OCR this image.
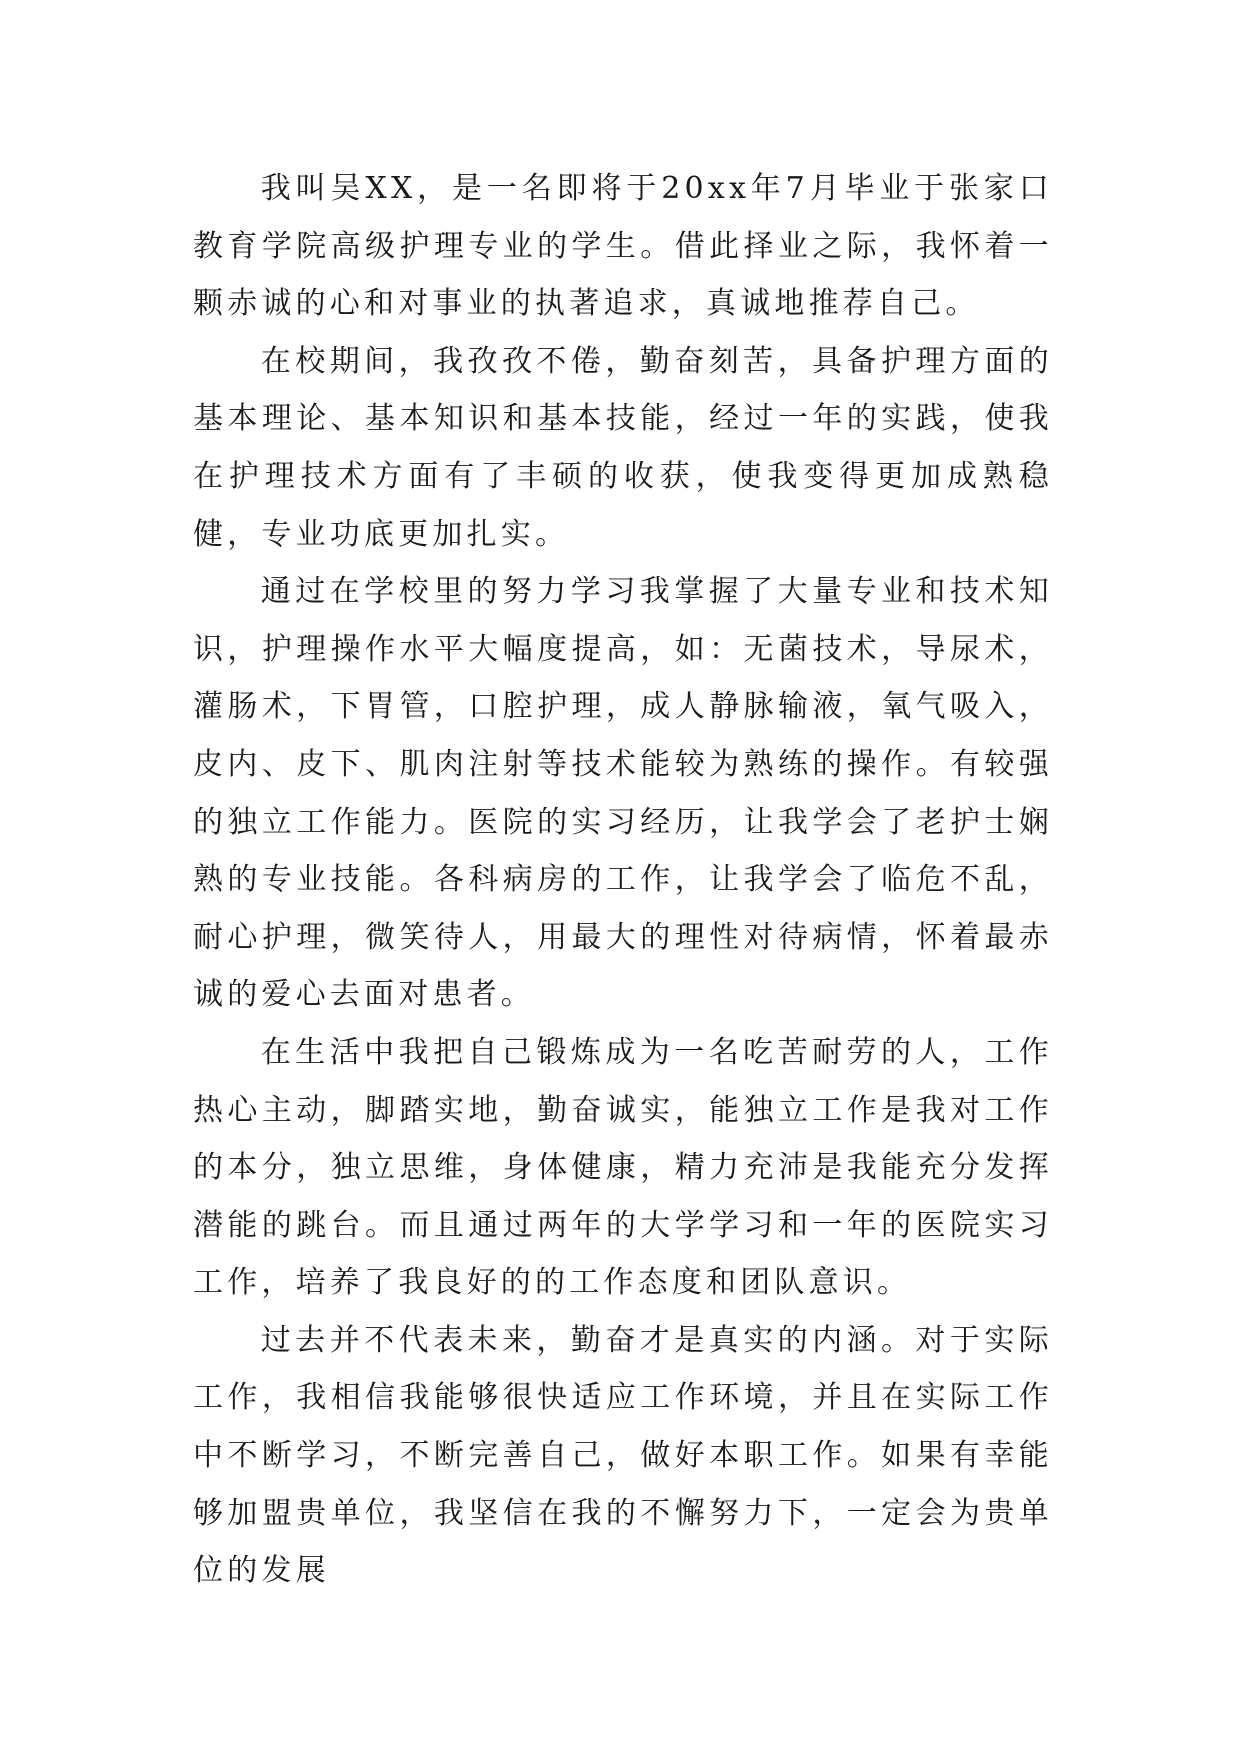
我叫吴XX，是一名即将于20xx年7月毕业于张家口教育学院高级护理专业的学生。借此择业之际，我怀着一颗赤诚的心和对事业的执著追求，真诚地推荐自己。

在校期间，我孜孜不倦，勤奋刻苦，具备护理方面的基本理论、基本知识和基本技能，经过一年的实践，使我在护理技术方面有了丰硕的收获，使我变得更加成熟稳健，专业功底更加扎实。

通过在学校里的努力学习我掌握了大量专业和技术知识，护理操作水平大幅度提高，如：无菌技术，导尿术，灌肠术，下胃管，口腔护理，成人静脉输液，氧气吸入，皮内、皮下、肌肉注射等技术能较为熟练的操作。有较强的独立工作能力。医院的实习经历，让我学会了老护士娴熟的专业技能。各科病房的工作，让我学会了临危不乱，耐心护理，微笑待人，用最大的理性对待病情，怀着最赤诚的爱心去面对患者。

在生活中我把自己锻炼成为一名吃苦耐劳的人，工作热心主动，脚踏实地，勤奋诚实，能独立工作是我对工作的本分，独立思维，身体健康，精力充沛是我能充分发挥潜能的跳台。而且通过两年的大学学习和一年的医院实习工作，培养了我良好的的工作态度和团队意识。

过去并不代表未来，勤奋才是真实的内涵。对于实际工作，我相信我能够很快适应工作环境，并且在实际工作中不断学习，不断完善自己，做好本职工作。如果有幸能够加盟贵单位，我坚信在我的不懈努力下，一定会为贵单位的发展
